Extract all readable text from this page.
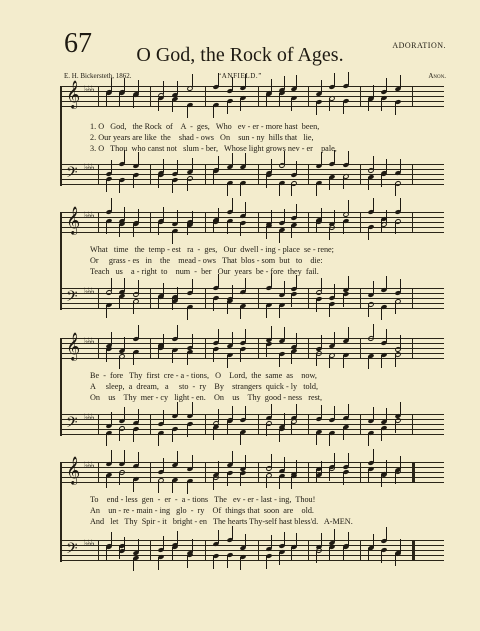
67	O God, the Rock of Ages.	ADORATION.
E. H. Bickersteth, 1862.	“ANFIELD.”	Anon.
𝄞 ♭♭♭
1. O   God,   the Rock  of    A  -  ges,   Who   ev - er - more hast  been,
2. Our years are like  the    shad - ows   On    sun - ny  hills that   lie,
3. O   Thou  who canst not   slum - ber,   Whose light grows nev - er    pale,
𝄢 ♭♭♭
𝄞 ♭♭♭
What   time   the  temp - est   ra  -  ges,   Our  dwell - ing - place  se - rene;
Or     grass - es   in    the    mead - ows   That  blos - som  but   to    die:
Teach   us    a - right  to    num  -  ber   Our  years  be - fore  they  fail.
𝄢 ♭♭♭
𝄞 ♭♭♭
Be  -  fore   Thy  first  cre - a - tions,   O    Lord,  the  same  as    now,
A     sleep,  a  dream,   a     sto  -  ry    By    strangers  quick - ly   told,
On    us    Thy  mer - cy   light - en.    On    us    Thy  good - ness   rest,
𝄢 ♭♭♭
𝄞 ♭♭♭
To    end - less  gen  -  er  -  a - tions   The   ev - er - last - ing,  Thou!
An    un - re - main - ing   glo  -  ry    Of  things that  soon  are    old.
And   let   Thy  Spir - it   bright - en   The hearts Thy-self hast bless'd.   A-MEN.
𝄢 ♭♭♭
